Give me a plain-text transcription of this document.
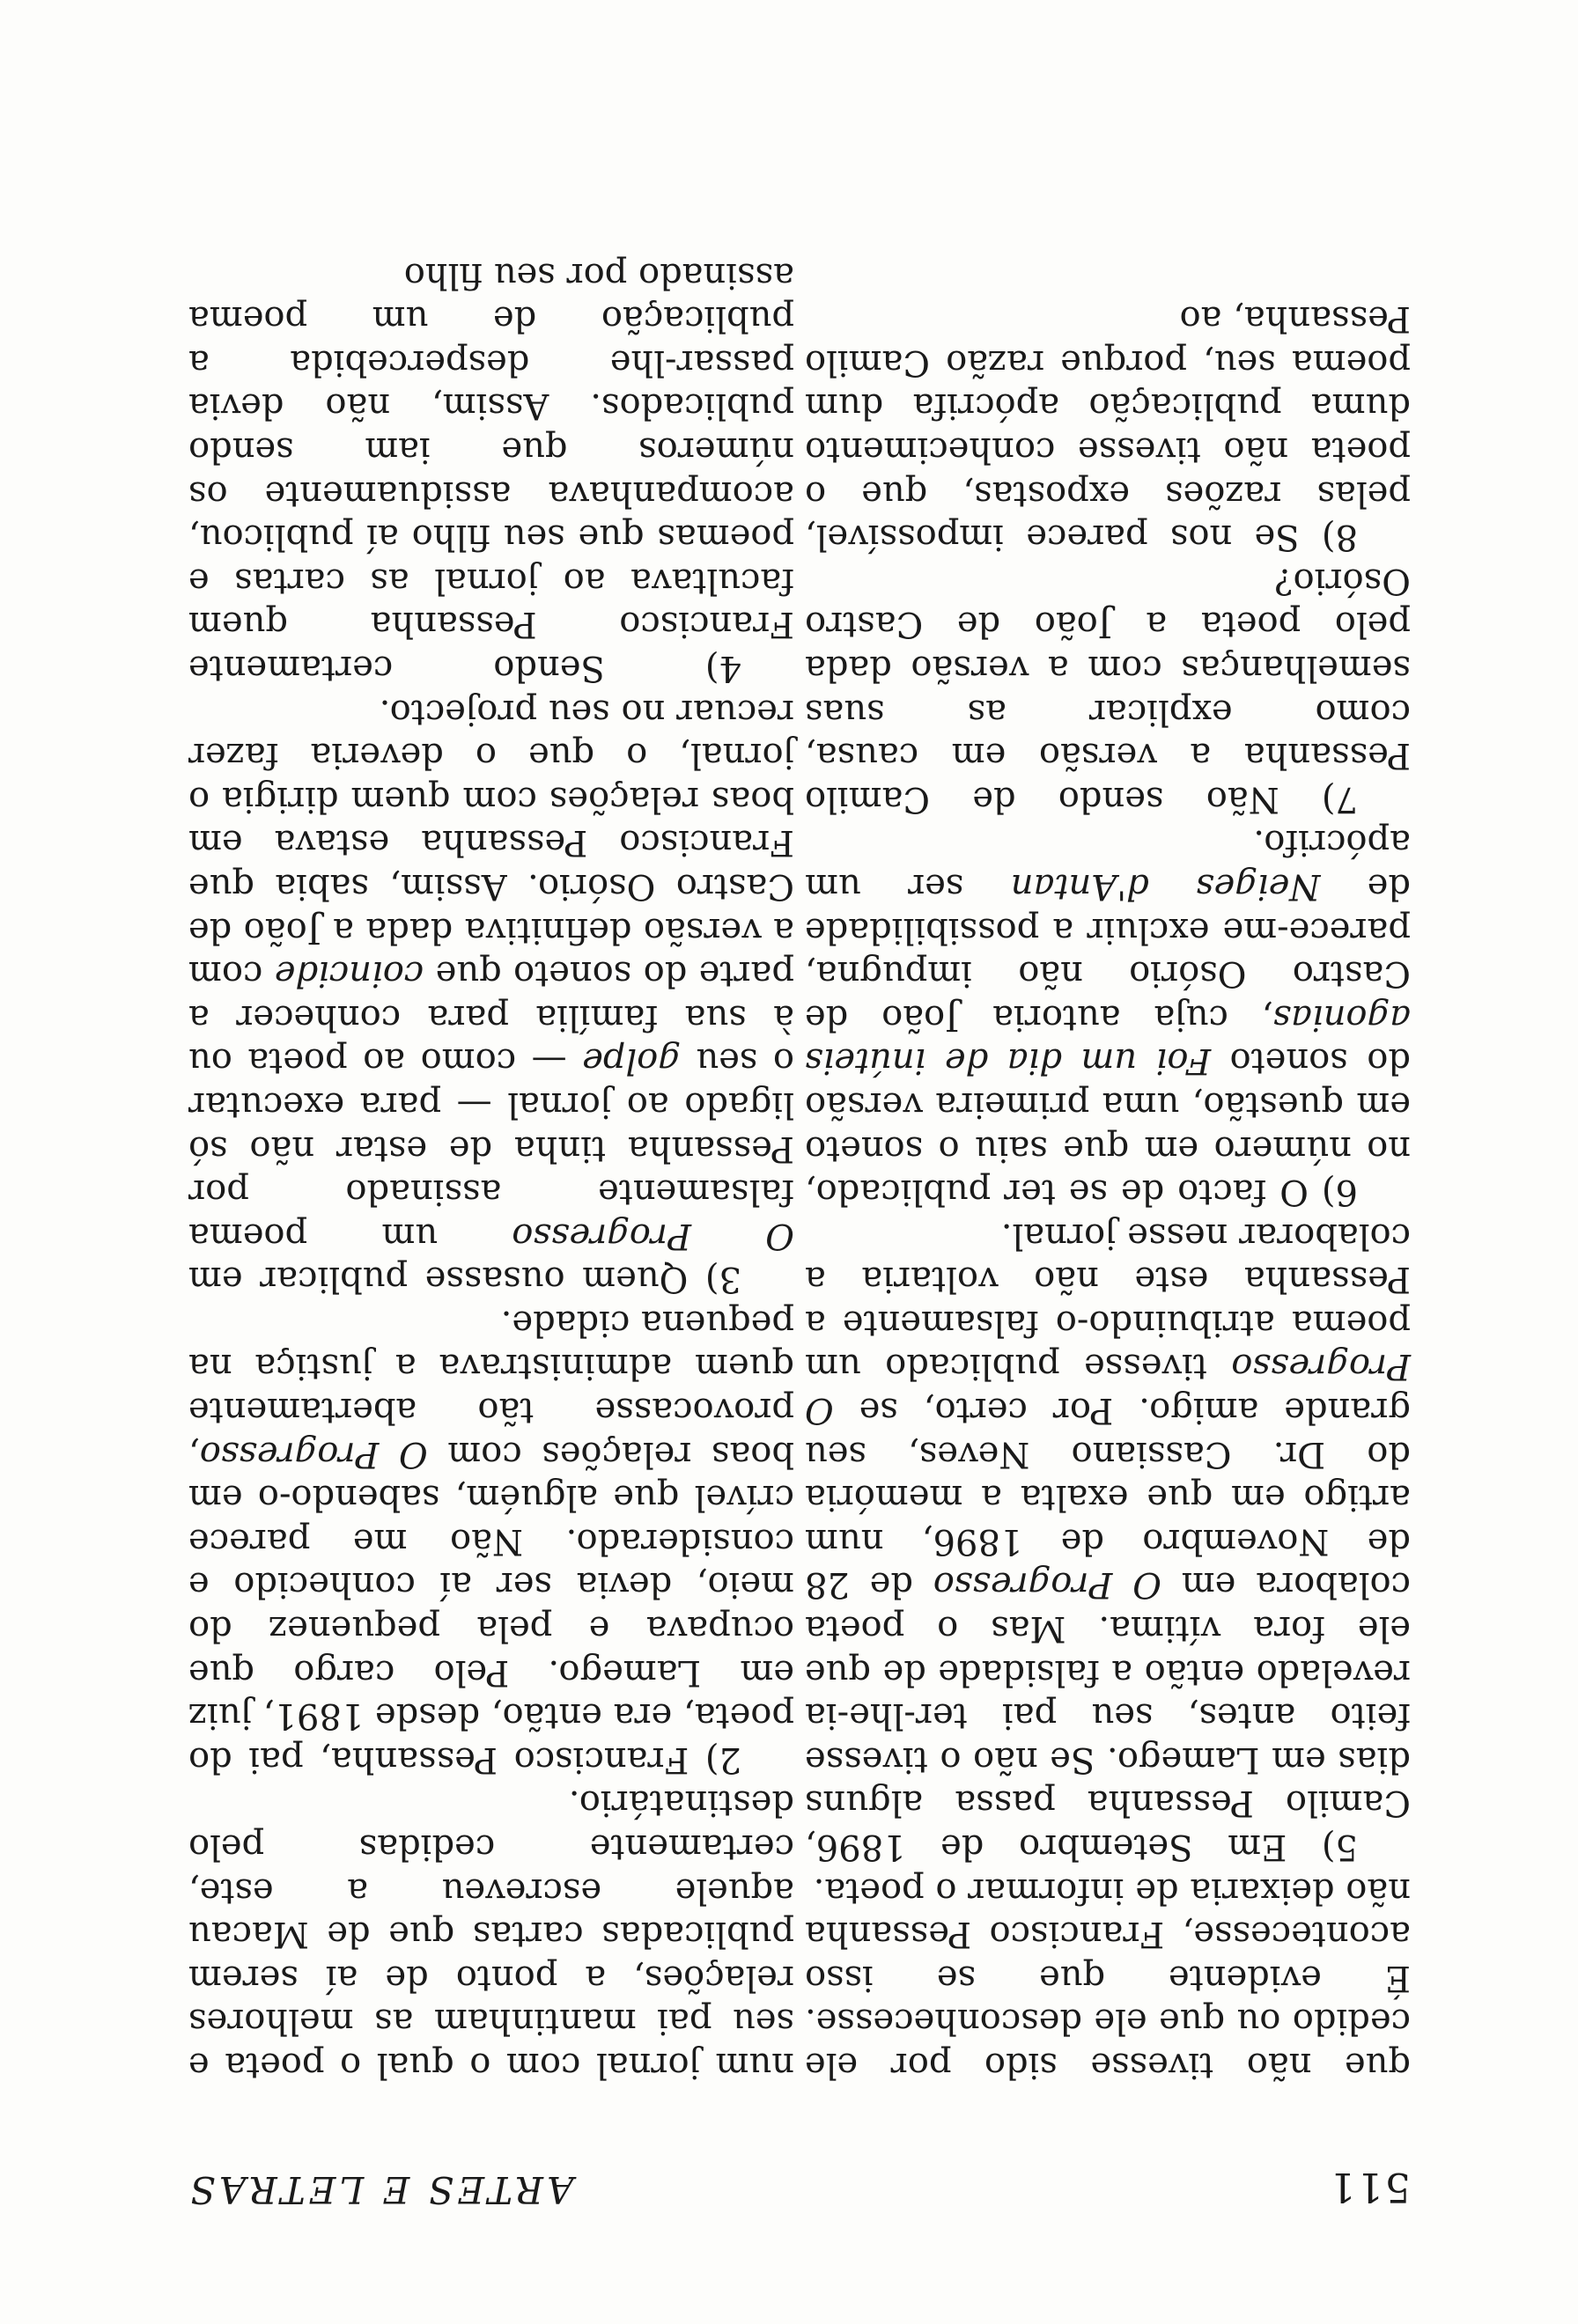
511
ARTES E LETRAS

que não tivesse sido por ele cedido ou que ele desconhecesse. É evidente que se isso acontecesse, Francisco Pessanha não deixaria de informar o poeta.

5) Em Setembro de 1896, Camilo Pessanha passa alguns dias em Lamego. Se não o tivesse feito antes, seu pai ter-lhe-ia revelado então a falsidade de que ele fora vítima. Mas o poeta colabora em O Progresso de 28 de Novembro de 1896, num artigo em que exalta a memória do Dr. Cassiano Neves, seu grande amigo. Por certo, se O Progresso tivesse publicado um poema atribuindo-o falsamente a Pessanha este não voltaria a colaborar nesse jornal.

6) O facto de se ter publicado, no número em que saiu o soneto em questão, uma primeira versão do soneto Foi um dia de inúteis agonias, cuja autoria João de Castro Osório não impugna, parece-me excluir a possibilidade de Neiges d'Antan ser um apócrifo.

7) Não sendo de Camilo Pessanha a versão em causa, como explicar as suas semelhanças com a versão dada pelo poeta a João de Castro Osório?

8) Se nos parece impossível, pelas razões expostas, que o poeta não tivesse conhecimento duma publicação apócrifa dum poema seu, porque razão Camilo Pessanha, ao

num jornal com o qual o poeta e seu pai mantinham as melhores relações, a ponto de aí serem publicadas cartas que de Macau aquele escreveu a este, certamente cedidas pelo destinatário.

2) Francisco Pessanha, pai do poeta, era então, desde 1891, juiz em Lamego. Pelo cargo que ocupava e pela pequenez do meio, devia ser aí conhecido e considerado. Não me parece crível que alguém, sabendo-o em boas relações com O Progresso, provocasse tão abertamente quem administrava a justiça na pequena cidade.

3) Quem ousasse publicar em O Progresso um poema falsamente assinado por Pessanha tinha de estar não só ligado ao jornal — para executar o seu golpe — como ao poeta ou à sua família para conhecer a parte do soneto que coincide com a versão definitiva dada a João de Castro Osório. Assim, sabia que Francisco Pessanha estava em boas relações com quem dirigia o jornal, o que o deveria fazer recuar no seu projecto.

4) Sendo certamente Francisco Pessanha quem facultava ao jornal as cartas e poemas que seu filho aí publicou, acompanhava assiduamente os números que iam sendo publicados. Assim, não devia passar-lhe despercebida a publicação de um poema assinado por seu filho
